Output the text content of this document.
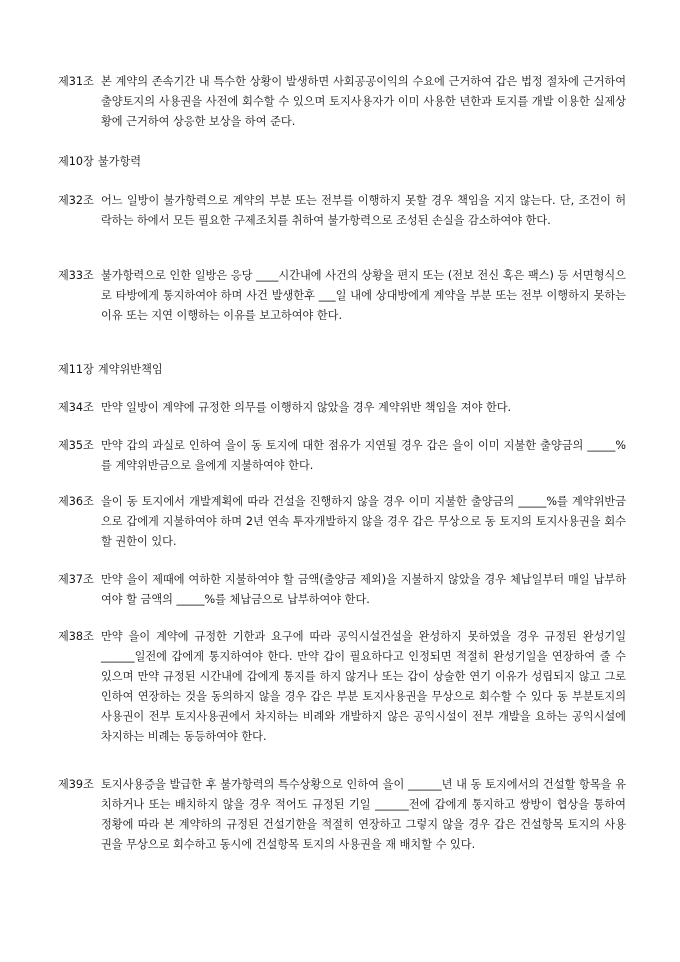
제31조 본 계약의 존속기간 내 특수한 상황이 발생하면 사회공공이익의 수요에 근거하여 갑은 법정 절차에 근거하여 출양토지의 사용권을 사전에 회수할 수 있으며 토지사용자가 이미 사용한 년한과 토지를 개발 이용한 실제상황에 근거하여 상응한 보상을 하여 준다.
제10장 불가항력
제32조 어느 일방이 불가항력으로 계약의 부분 또는 전부를 이행하지 못할 경우 책임을 지지 않는다. 단, 조건이 허락하는 하에서 모든 필요한 구제조치를 취하여 불가항력으로 조성된 손실을 감소하여야 한다.
제33조 불가항력으로 인한 일방은 응당 ____시간내에 사건의 상황을 편지 또는 (전보 전신 혹은 팩스) 등 서면형식으로 타방에게 통지하여야 하며 사건 발생한후 ___일 내에 상대방에게 계약을 부분 또는 전부 이행하지 못하는 이유 또는 지연 이행하는 이유를 보고하여야 한다.
제11장 계약위반책임
제34조 만약 일방이 계약에 규정한 의무를 이행하지 않았을 경우 계약위반 책임을 져야 한다.
제35조 만약 갑의 과실로 인하여 을이 동 토지에 대한 점유가 지연될 경우 갑은 을이 이미 지불한 출양금의 _____%를 계약위반금으로 을에게 지불하여야 한다.
제36조 을이 동 토지에서 개발계획에 따라 건설을 진행하지 않을 경우 이미 지불한 출양금의 _____%를 계약위반금으로 갑에게 지불하여야 하며 2년 연속 투자개발하지 않을 경우 갑은 무상으로 동 토지의 토지사용권을 회수할 권한이 있다.
제37조 만약 을이 제때에 여하한 지불하여야 할 금액(출양금 제외)을 지불하지 않았을 경우 체납일부터 매일 납부하여야 할 금액의 _____%를 체납금으로 납부하여야 한다.
제38조 만약 을이 계약에 규정한 기한과 요구에 따라 공익시설건설을 완성하지 못하였을 경우 규정된 완성기일 ______일전에 갑에게 통지하여야 한다. 만약 갑이 필요하다고 인정되면 적절히 완성기일을 연장하여 줄 수 있으며 만약 규정된 시간내에 갑에게 통지를 하지 않거나 또는 갑이 상술한 연기 이유가 성립되지 않고 그로 인하여 연장하는 것을 동의하지 않을 경우 갑은 부분 토지사용권을 무상으로 회수할 수 있다 동 부분토지의 사용권이 전부 토지사용권에서 차지하는 비례와 개발하지 않은 공익시설이 전부 개발을 요하는 공익시설에 차지하는 비례는 동등하여야 한다.
제39조 토지사용증을 발급한 후 불가항력의 특수상황으로 인하여 을이 ______년 내 동 토지에서의 건설할 항목을 유치하거나 또는 배치하지 않을 경우 적어도 규정된 기일 ______전에 갑에게 통지하고 쌍방이 협상을 통하여 정황에 따라 본 계약하의 규정된 건설기한을 적절히 연장하고 그렇지 않을 경우 갑은 건설항목 토지의 사용권을 무상으로 회수하고 동시에 건설항목 토지의 사용권을 재 배치할 수 있다.
